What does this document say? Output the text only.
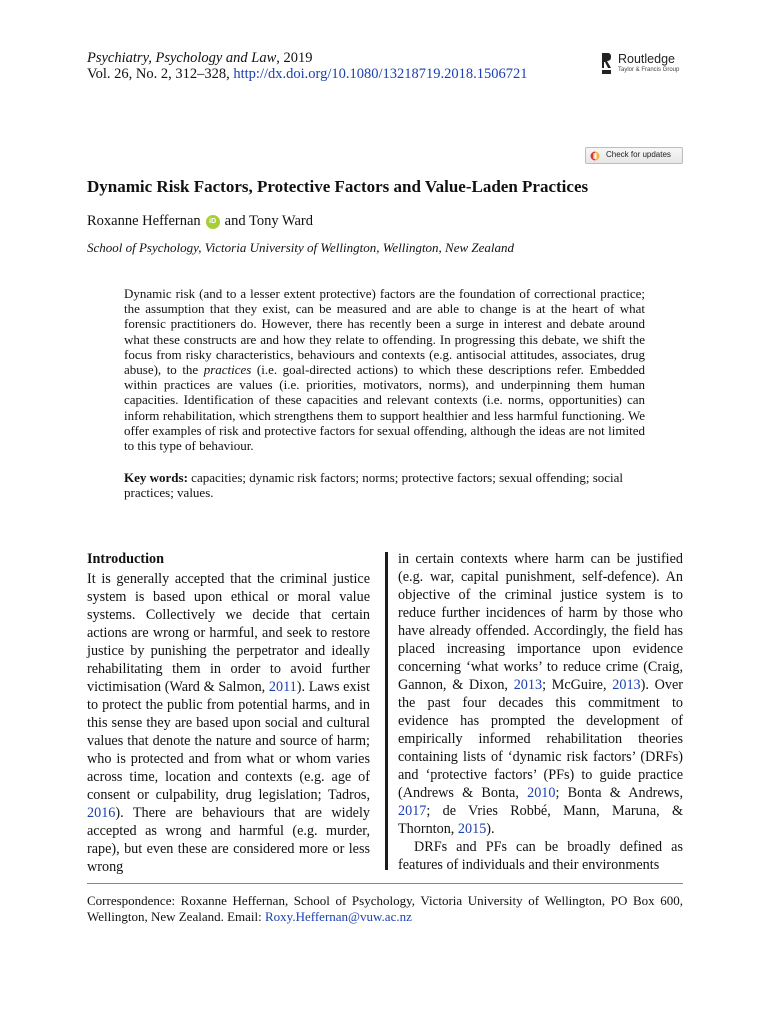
Psychiatry, Psychology and Law, 2019
Vol. 26, No. 2, 312–328, http://dx.doi.org/10.1080/13218719.2018.1506721
Routledge
Taylor & Francis Group
Check for updates
Dynamic Risk Factors, Protective Factors and Value-Laden Practices
Roxanne Heffernan	iD and Tony Ward
School of Psychology, Victoria University of Wellington, Wellington, New Zealand

Dynamic risk (and to a lesser extent protective) factors are the foundation of correctional practice; the assumption that they exist, can be measured and are able to change is at the heart of what forensic practitioners do. However, there has recently been a surge in interest and debate around what these constructs are and how they relate to offending. In progressing this debate, we shift the focus from risky characteristics, behaviours and contexts (e.g. antisocial attitudes, associates, drug abuse), to the practices (i.e. goal-directed actions) to which these descriptions refer. Embedded within practices are values (i.e. priorities, motivators, norms), and underpinning them human capacities. Identification of these capacities and relevant contexts (i.e. norms, opportunities) can inform rehabilitation, which strengthens them to support healthier and less harmful functioning. We offer examples of risk and protective factors for sexual offending, although the ideas are not limited to this type of behaviour.

Key words: capacities; dynamic risk factors; norms; protective factors; sexual offending; social practices; values.
Introduction

It is generally accepted that the criminal justice system is based upon ethical or moral value systems. Collectively we decide that certain actions are wrong or harmful, and seek to restore justice by punishing the perpetrator and ideally rehabilitating them in order to avoid further victimisation (Ward & Salmon, 2011). Laws exist to protect the public from potential harms, and in this sense they are based upon social and cultural values that denote the nature and source of harm; who is protected and from what or whom varies across time, location and contexts (e.g. age of consent or culpability, drug legislation; Tadros, 2016). There are behaviours that are widely accepted as wrong and harmful (e.g. murder, rape), but even these are considered more or less wrong

in certain contexts where harm can be justified (e.g. war, capital punishment, self-defence). An objective of the criminal justice system is to reduce further incidences of harm by those who have already offended. Accordingly, the field has placed increasing importance upon evidence concerning ‘what works’ to reduce crime (Craig, Gannon, & Dixon, 2013; McGuire, 2013). Over the past four decades this commitment to evidence has prompted the development of empirically informed rehabilitation theories containing lists of ‘dynamic risk factors’ (DRFs) and ‘protective factors’ (PFs) to guide practice (Andrews & Bonta, 2010; Bonta & Andrews, 2017; de Vries Robbé, Mann, Maruna, & Thornton, 2015).

DRFs and PFs can be broadly defined as features of individuals and their environments

Correspondence: Roxanne Heffernan, School of Psychology, Victoria University of Wellington, PO Box 600, Wellington, New Zealand. Email: Roxy.Heffernan@vuw.ac.nz
